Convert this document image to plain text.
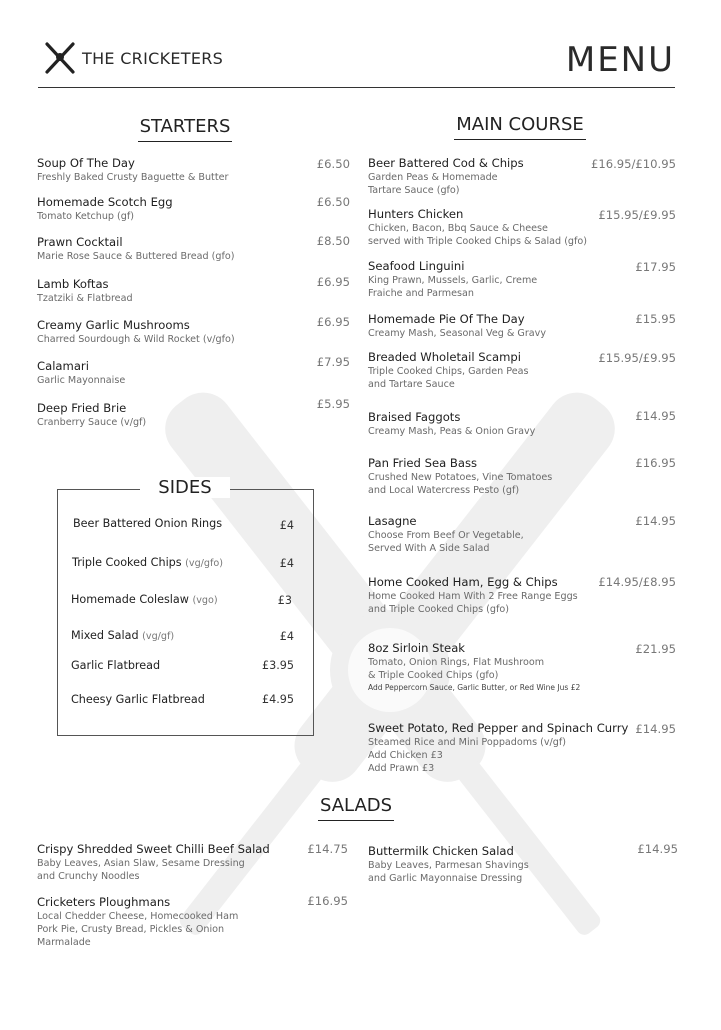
THE CRICKETERS	MENU
STARTERS
Soup Of The Day
Freshly Baked Crusty Baguette & Butter
£6.50
Homemade Scotch Egg
Tomato Ketchup (gf)
£6.50
Prawn Cocktail
Marie Rose Sauce & Buttered Bread (gfo)
£8.50
Lamb Koftas
Tzatziki & Flatbread
£6.95
Creamy Garlic Mushrooms
Charred Sourdough & Wild Rocket (v/gfo)
£6.95
Calamari
Garlic Mayonnaise
£7.95
Deep Fried Brie
Cranberry Sauce (v/gf)
£5.95
SIDES
Beer Battered Onion Rings	£4
Triple Cooked Chips (vg/gfo)	£4
Homemade Coleslaw (vgo)	£3
Mixed Salad (vg/gf)	£4
Garlic Flatbread	£3.95
Cheesy Garlic Flatbread	£4.95
MAIN COURSE
Beer Battered Cod & Chips
Garden Peas & Homemade
Tartare Sauce (gfo)
£16.95/£10.95
Hunters Chicken
Chicken, Bacon, Bbq Sauce & Cheese
served with Triple Cooked Chips & Salad (gfo)
£15.95/£9.95
Seafood Linguini
King Prawn, Mussels, Garlic, Creme
Fraiche and Parmesan
£17.95
Homemade Pie Of The Day
Creamy Mash, Seasonal Veg & Gravy
£15.95
Breaded Wholetail Scampi
Triple Cooked Chips, Garden Peas
and Tartare Sauce
£15.95/£9.95
Braised Faggots
Creamy Mash, Peas & Onion Gravy
£14.95
Pan Fried Sea Bass
Crushed New Potatoes, Vine Tomatoes
and Local Watercress Pesto (gf)
£16.95
Lasagne
Choose From Beef Or Vegetable,
Served With A Side Salad
£14.95
Home Cooked Ham, Egg & Chips
Home Cooked Ham With 2 Free Range Eggs
and Triple Cooked Chips (gfo)
£14.95/£8.95
8oz Sirloin Steak
Tomato, Onion Rings, Flat Mushroom
& Triple Cooked Chips (gfo)
Add Peppercorn Sauce, Garlic Butter, or Red Wine Jus £2
£21.95
Sweet Potato, Red Pepper and Spinach Curry
Steamed Rice and Mini Poppadoms (v/gf)
Add Chicken £3
Add Prawn £3
£14.95
SALADS
Crispy Shredded Sweet Chilli Beef Salad
Baby Leaves, Asian Slaw, Sesame Dressing
and Crunchy Noodles
£14.75
Cricketers Ploughmans
Local Chedder Cheese, Homecooked Ham
Pork Pie, Crusty Bread, Pickles & Onion
Marmalade
£16.95
Buttermilk Chicken Salad
Baby Leaves, Parmesan Shavings
and Garlic Mayonnaise Dressing
£14.95
